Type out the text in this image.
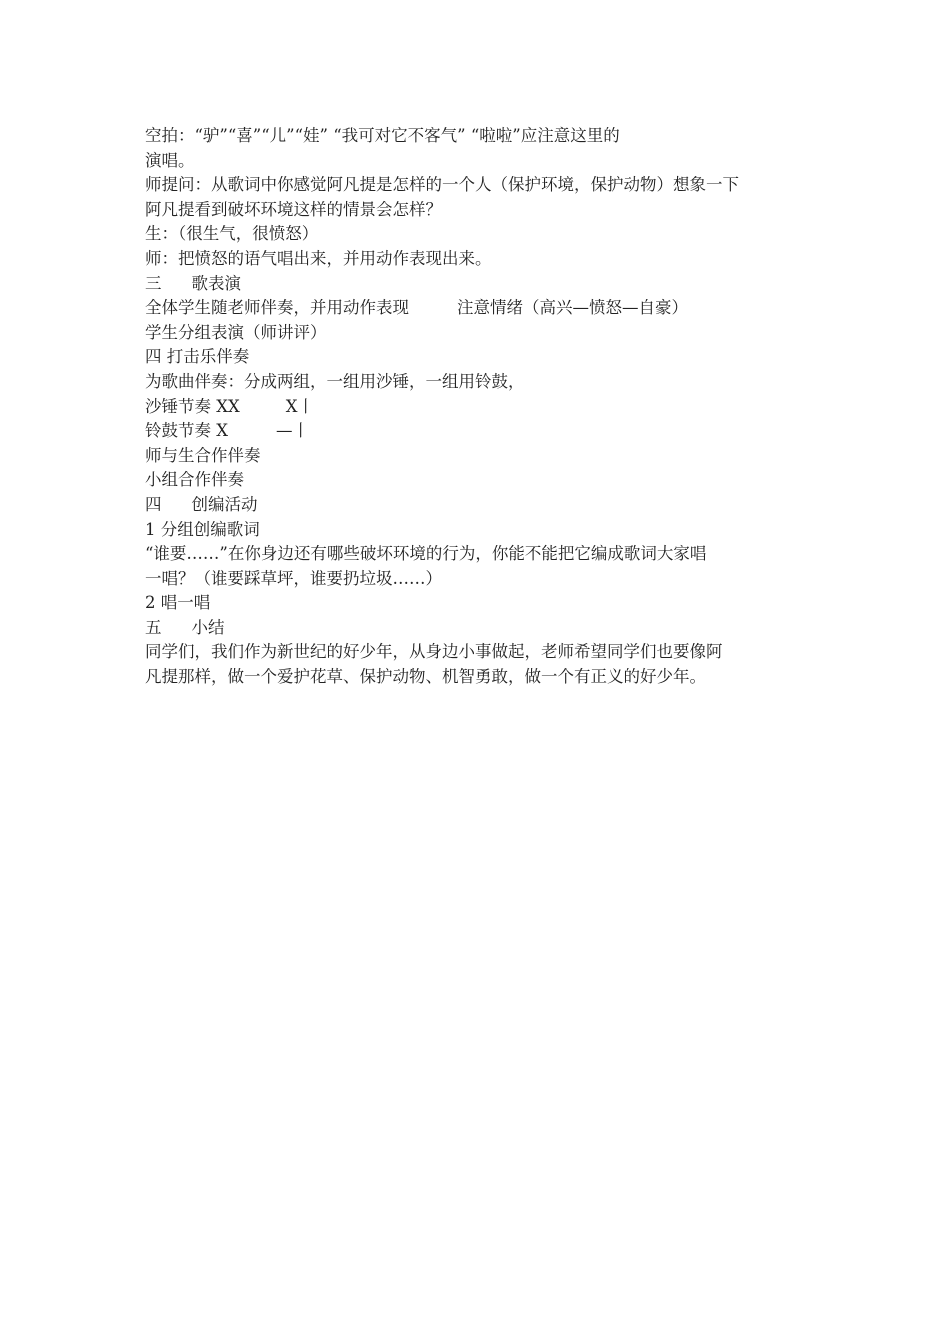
空拍：“驴”“喜”“儿”“娃” “我可对它不客气” “啦啦”应注意这里的
演唱。
师提问：从歌词中你感觉阿凡提是怎样的一个人（保护环境，保护动物）想象一下
阿凡提看到破坏环境这样的情景会怎样？
生：（很生气，很愤怒）
师：把愤怒的语气唱出来，并用动作表现出来。
三 歌表演
全体学生随老师伴奏，并用动作表现	注意情绪（高兴—愤怒—自豪）
学生分组表演（师讲评）
四 打击乐伴奏
为歌曲伴奏：分成两组，一组用沙锤，一组用铃鼓，
沙锤节奏 XX	X丨
铃鼓节奏 X	—丨
师与生合作伴奏
小组合作伴奏
四 创编活动
1 分组创编歌词
“谁要……”在你身边还有哪些破坏环境的行为，你能不能把它编成歌词大家唱
一唱？（谁要踩草坪，谁要扔垃圾……）
2 唱一唱
五 小结
同学们，我们作为新世纪的好少年，从身边小事做起，老师希望同学们也要像阿
凡提那样，做一个爱护花草、保护动物、机智勇敢，做一个有正义的好少年。
